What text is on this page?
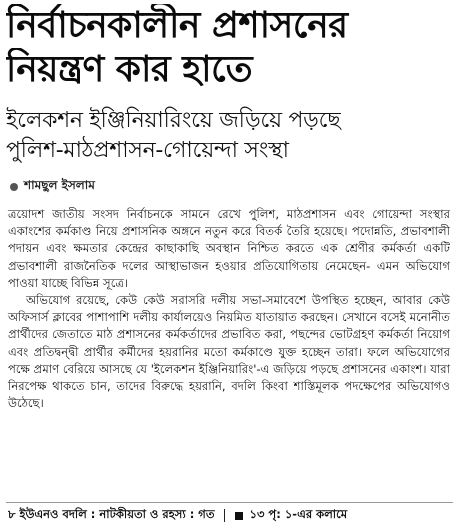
নির্বাচনকালীন প্রশাসনের
নিয়ন্ত্রণ কার হাতে
ইলেকশন ইঞ্জিনিয়ারিংয়ে জড়িয়ে পড়ছে
পুলিশ-মাঠপ্রশাসন-গোয়েন্দা সংস্থা
শামছুল ইসলাম

ত্রয়োদশ জাতীয় সংসদ নির্বাচনকে সামনে রেখে পুলিশ, মাঠপ্রশাসন এবং গোয়েন্দা সংস্থার একাংশের কর্মকাণ্ড নিয়ে প্রশাসনিক অঙ্গনে নতুন করে বিতর্ক তৈরি হয়েছে। পদোন্নতি, প্রভাবশালী পদায়ন এবং ক্ষমতার কেন্দ্রের কাছাকাছি অবস্থান নিশ্চিত করতে এক শ্রেণীর কর্মকর্তা একটি প্রভাবশালী রাজনৈতিক দলের আস্থাভাজন হওয়ার প্রতিযোগিতায় নেমেছেন- এমন অভিযোগ পাওয়া যাচ্ছে বিভিন্ন সূত্রে।

অভিযোগ রয়েছে, কেউ কেউ সরাসরি দলীয় সভা-সমাবেশে উপস্থিত হচ্ছেন, আবার কেউ অফিসার্স ক্লাবের পাশাপাশি দলীয় কার্যালয়েও নিয়মিত যাতায়াত করছেন। সেখানে বসেই মনোনীত প্রার্থীদের জেতাতে মাঠ প্রশাসনের কর্মকর্তাদের প্রভাবিত করা, পছন্দের ভোটগ্রহণ কর্মকর্তা নিয়োগ এবং প্রতিদ্বন্দ্বী প্রার্থীর কর্মীদের হয়রানির মতো কর্মকাণ্ডে যুক্ত হচ্ছেন তারা। ফলে অভিযোগের পক্ষে প্রমাণ বেরিয়ে আসছে যে 'ইলেকশন ইঞ্জিনিয়ারিং'-এ জড়িয়ে পড়ছে প্রশাসনের একাংশ। যারা নিরপেক্ষ থাকতে চান, তাদের বিরুদ্ধে হয়রানি, বদলি কিংবা শাস্তিমূলক পদক্ষেপের অভিযোগও উঠেছে।

৮ ইউএনও বদলি : নাটকীয়তা ও রহস্য : গত	১৩ পৃ: ১-এর কলামে
